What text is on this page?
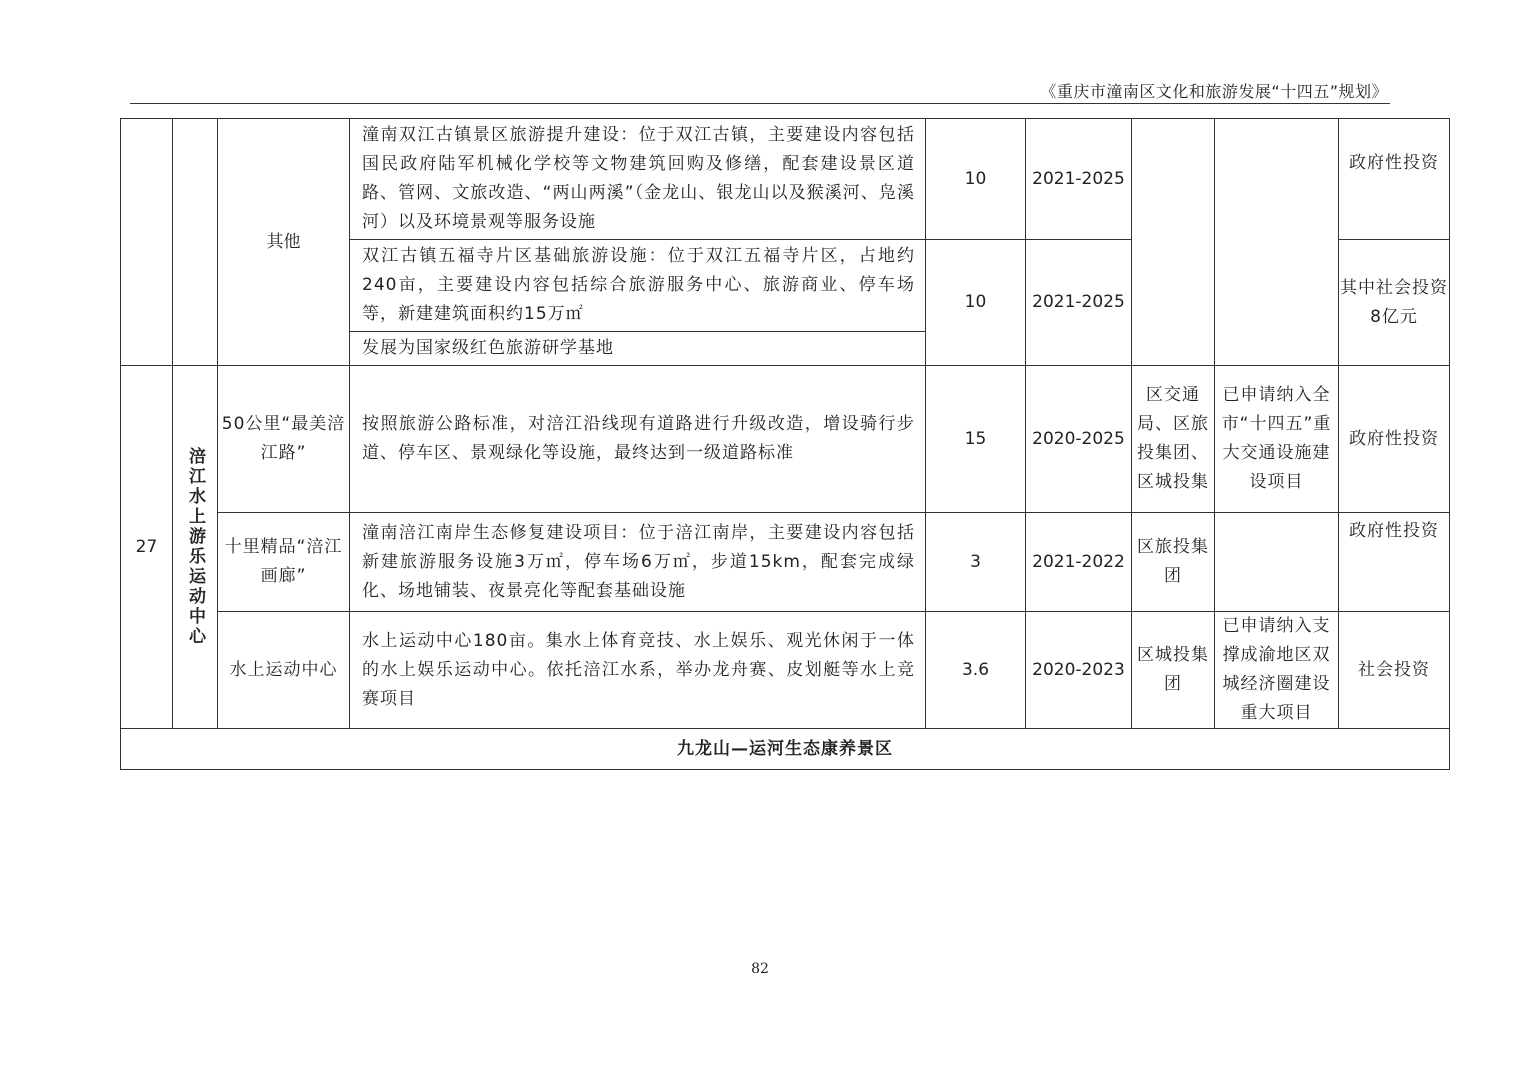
《重庆市潼南区文化和旅游发展“十四五”规划》
		其他	潼南双江古镇景区旅游提升建设：位于双江古镇，主要建设内容包括国民政府陆军机械化学校等文物建筑回购及修缮，配套建设景区道路、管网、文旅改造、“两山两溪”（金龙山、银龙山以及猴溪河、凫溪河）以及环境景观等服务设施	10	2021-2025			政府性投资
			双江古镇五福寺片区基础旅游设施：位于双江五福寺片区，占地约240亩，主要建设内容包括综合旅游服务中心、旅游商业、停车场等，新建建筑面积约15万㎡	10	2021-2025			其中社会投资8亿元
			发展为国家级红色旅游研学基地					
27	涪江水上游乐运动中心	50公里“最美涪江路”	按照旅游公路标准，对涪江沿线现有道路进行升级改造，增设骑行步道、停车区、景观绿化等设施，最终达到一级道路标准	15	2020-2025	区交通局、区旅投集团、区城投集	已申请纳入全市“十四五”重大交通设施建设项目	政府性投资
		十里精品“涪江画廊”	潼南涪江南岸生态修复建设项目：位于涪江南岸，主要建设内容包括新建旅游服务设施3万㎡，停车场6万㎡，步道15km，配套完成绿化、场地铺装、夜景亮化等配套基础设施	3	2021-2022	区旅投集团		政府性投资
		水上运动中心	水上运动中心180亩。集水上体育竞技、水上娱乐、观光休闲于一体的水上娱乐运动中心。依托涪江水系，举办龙舟赛、皮划艇等水上竞赛项目	3.6	2020-2023	区城投集团	已申请纳入支撑成渝地区双城经济圈建设重大项目	社会投资
九龙山—运河生态康养景区								
82
